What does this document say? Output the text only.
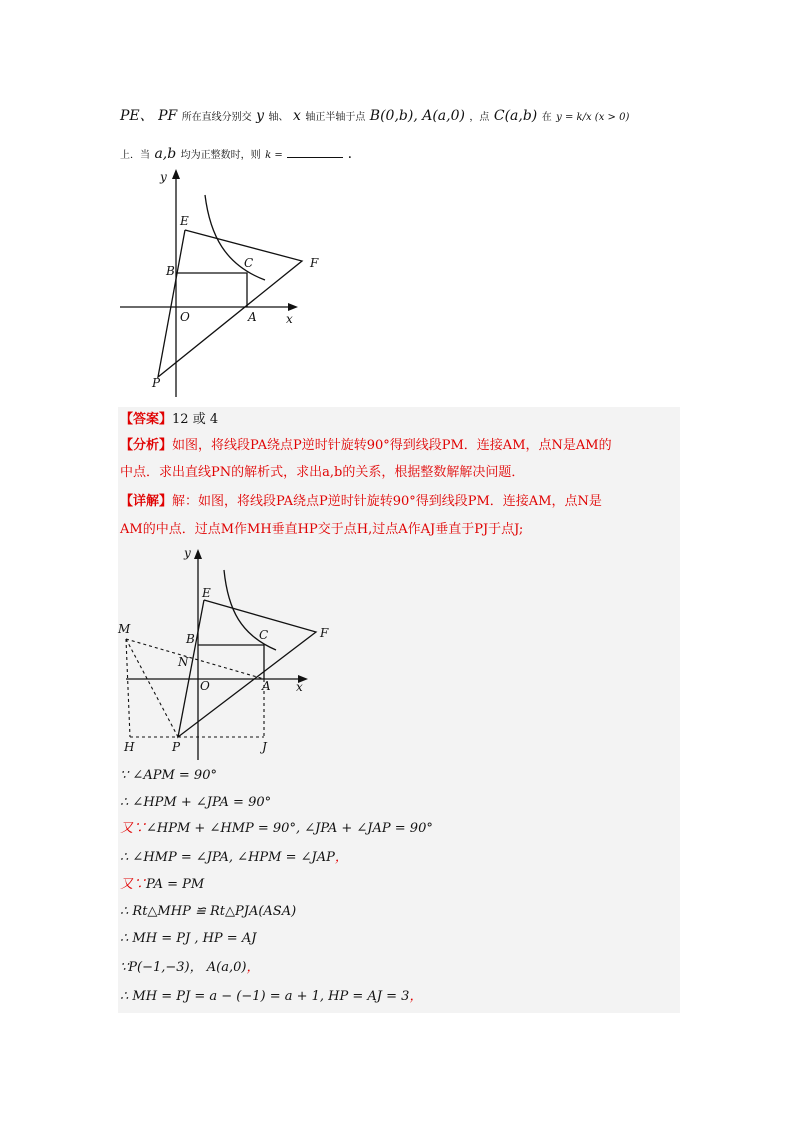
PE、 PF 所在直线分别交 y 轴、 x 轴正半轴于点 B(0,b), A(a,0) ，点 C(a,b) 在 y = k/x (x > 0)
上．当 a,b 均为正整数时，则 k =	.
y
x
E
F
B
C
O	A
P
【答案】12 或 4
【分析】如图，将线段PA绕点P逆时针旋转90°得到线段PM．连接AM，点N是AM的
中点．求出直线PN的解析式，求出a,b的关系，根据整数解解决问题．
【详解】解：如图，将线段PA绕点P逆时针旋转90°得到线段PM．连接AM，点N是
AM的中点．过点M作MH垂直HP交于点H,过点A作AJ垂直于PJ于点J;
y
x
E
F
M
B	C
N
O	A
H	P	J
∵ ∠APM = 90°
∴ ∠HPM + ∠JPA = 90°
又∵∠HPM + ∠HMP = 90°, ∠JPA + ∠JAP = 90°
∴ ∠HMP = ∠JPA, ∠HPM = ∠JAP，
又∵PA = PM
∴ Rt△MHP ≌ Rt△PJA(ASA)
∴ MH = PJ , HP = AJ
∵P(−1,−3)， A(a,0)，
∴ MH = PJ = a − (−1) = a + 1, HP = AJ = 3，
